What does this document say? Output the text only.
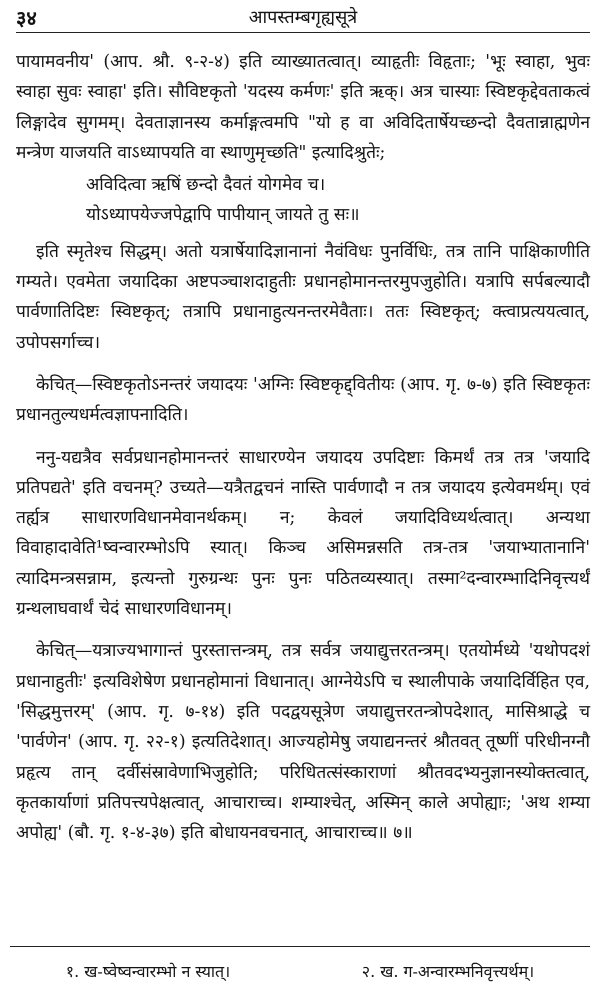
३४	आपस्तम्बगृह्यसूत्रे

पायामवनीय' (आप. श्रौ. ९-२-४) इति व्याख्यातत्वात्। व्याहृतीः विहृताः; 'भूः स्वाहा, भुवः स्वाहा सुवः स्वाहा' इति। सौविष्टकृतो 'यदस्य कर्मणः' इति ऋक्। अत्र चास्याः स्विष्टकृद्देवताकत्वं लिङ्गादेव सुगमम्। देवताज्ञानस्य कर्माङ्गत्वमपि "यो ह वा अविदितार्षेयच्छन्दो दैवतान्नाह्मणेन मन्त्रेण याजयति वाऽध्यापयति वा स्थाणुमृच्छति" इत्यादिश्रुतेः;

अविदित्वा ऋषिं छन्दो दैवतं योगमेव च।
योऽध्यापयेज्जपेद्वापि पापीयान् जायते तु सः॥

इति स्मृतेश्च सिद्धम्। अतो यत्रार्षेयादिज्ञानानां नैवंविधः पुनर्विधिः, तत्र तानि पाक्षिकाणीति गम्यते। एवमेता जयादिका अष्टपञ्चाशदाहुतीः प्रधानहोमानन्तरमुपजुहोति। यत्रापि सर्पबल्यादौ पार्वणातिदिष्टः स्विष्टकृत्; तत्रापि प्रधानाहुत्यनन्तरमेवैताः। ततः स्विष्टकृत्; क्त्वाप्रत्ययत्वात्, उपोपसर्गाच्च।

केचित्—स्विष्टकृतोऽनन्तरं जयादयः 'अग्निः स्विष्टकृद्द्वितीयः (आप. गृ. ७-७) इति स्विष्टकृतः प्रधानतुल्यधर्मत्वज्ञापनादिति।

ननु-यद्यत्रैव सर्वप्रधानहोमानन्तरं साधारण्येन जयादय उपदिष्टाः किमर्थं तत्र तत्र 'जयादि प्रतिपद्यते' इति वचनम्? उच्यते—यत्रैतद्वचनं नास्ति पार्वणादौ न तत्र जयादय इत्येवमर्थम्। एवं तर्ह्यत्र साधारणविधानमेवानर्थकम्। न; केवलं जयादिविध्यर्थत्वात्। अन्यथा विवाहादावेति¹ष्वन्वारम्भोऽपि स्यात्। किञ्च असिमन्नसति तत्र-तत्र 'जयाभ्यातानानि' त्यादिमन्त्रसन्नाम, इत्यन्तो गुरुग्रन्थः पुनः पुनः पठितव्यस्यात्। तस्मा²दन्वारम्भादिनिवृत्त्यर्थं ग्रन्थलाघवार्थं चेदं साधारणविधानम्।

केचित्—यत्राज्यभागान्तं पुरस्तात्तन्त्रम्, तत्र सर्वत्र जयाद्युत्तरतन्त्रम्। एतयोर्मध्ये 'यथोपदशं प्रधानाहुतीः' इत्यविशेषेण प्रधानहोमानां विधानात्। आग्नेयेऽपि च स्थालीपाके जयादिर्विहित एव, 'सिद्धमुत्तरम्' (आप. गृ. ७-१४) इति पदद्वयसूत्रेण जयाद्युत्तरतन्त्रोपदेशात्, मासिश्राद्धे च 'पार्वणेन' (आप. गृ. २२-१) इत्यतिदेशात्। आज्यहोमेषु जयाद्यनन्तरं श्रौतवत् तूष्णीं परिधीनग्नौ प्रहृत्य तान् दर्वीसंस्रावेणाभिजुहोति; परिधितत्संस्काराणां श्रौतवदभ्यनुज्ञानस्योक्तत्वात्, कृतकार्याणां प्रतिपत्त्यपेक्षत्वात्, आचाराच्च। शम्याश्चेत्, अस्मिन् काले अपोह्याः; 'अथ शम्या अपोह्य' (बौ. गृ. १-४-३७) इति बोधायनवचनात्, आचाराच्च॥ ७॥

१. ख-ष्वेष्वन्वारम्भो न स्यात्।	२. ख. ग-अन्वारम्भनिवृत्त्यर्थम्।
